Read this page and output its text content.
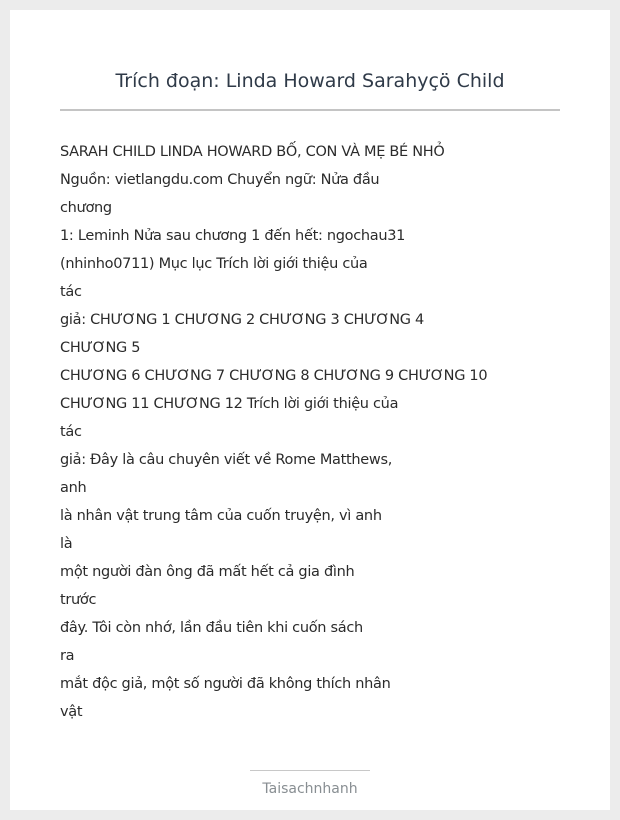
Trích đoạn: Linda Howard Sarahyçö Child
SARAH CHILD LINDA HOWARD BỐ, CON VÀ MẸ BÉ NHỎ
Nguồn: vietlangdu.com Chuyển ngữ: Nửa đầu
chương
1: Leminh Nửa sau chương 1 đến hết: ngochau31
(nhinho0711) Mục lục Trích lời giới thiệu của
tác
giả: CHƯƠNG 1 CHƯƠNG 2 CHƯƠNG 3 CHƯƠNG 4
CHƯƠNG 5
CHƯƠNG 6 CHƯƠNG 7 CHƯƠNG 8 CHƯƠNG 9 CHƯƠNG 10
CHƯƠNG 11 CHƯƠNG 12 Trích lời giới thiệu của
tác
giả: Đây là câu chuyên viết về Rome Matthews,
anh
là nhân vật trung tâm của cuốn truyện, vì anh
là
một người đàn ông đã mất hết cả gia đình
trước
đây. Tôi còn nhớ, lần đầu tiên khi cuốn sách
ra
mắt độc giả, một số người đã không thích nhân
vật
Taisachnhanh
